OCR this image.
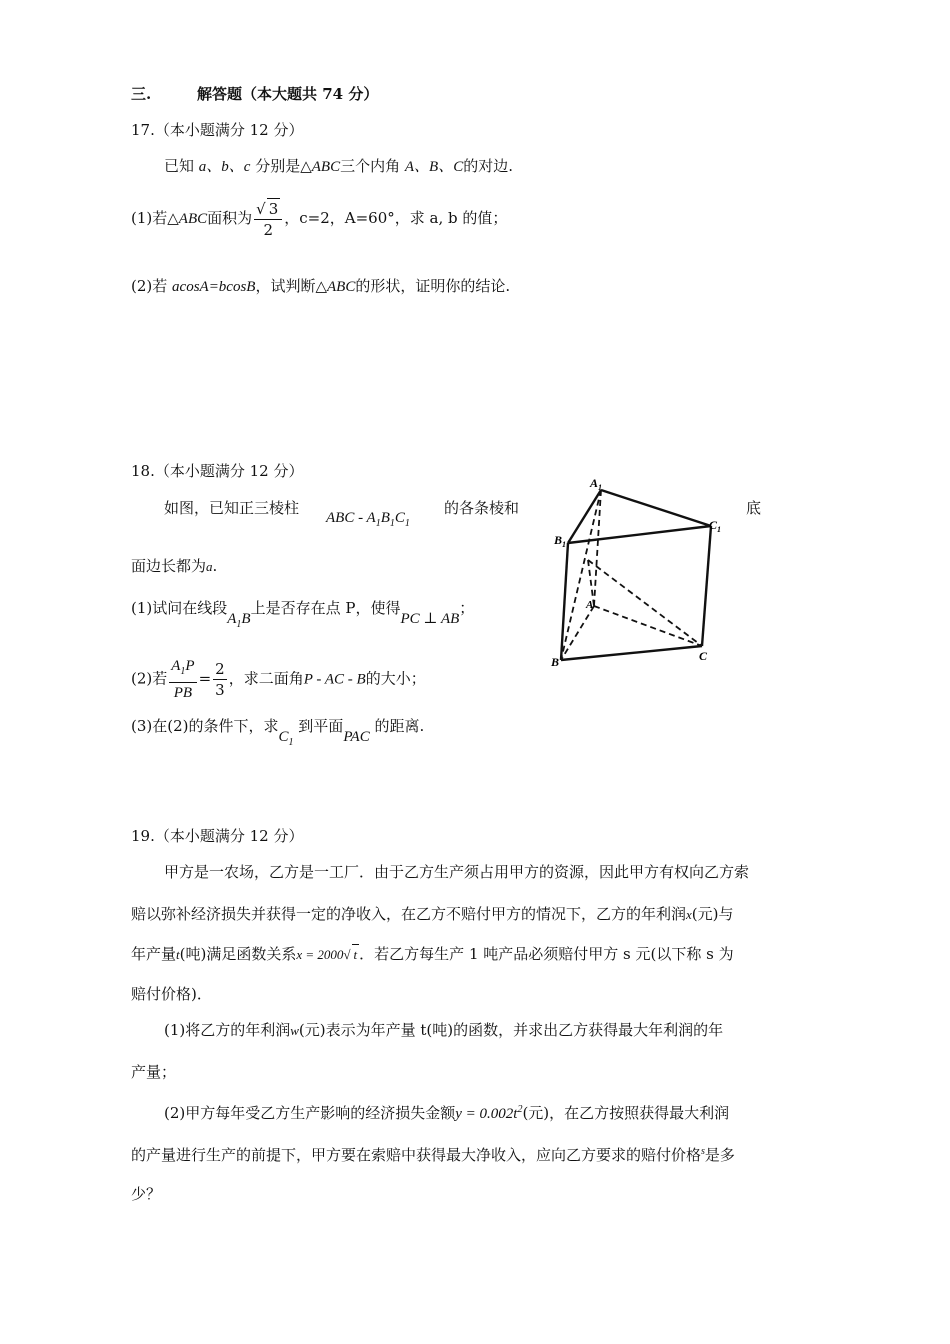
三.	解答题（本大题共 74 分）
17.（本小题满分 12 分）
已知 a、b、c 分别是△ABC三个内角 A、B、C的对边.
(1)若△ABC面积为 $\frac{√ 3}{2}$ ，c=2，A=60°，求 a, b 的值；
(2)若 acosA=bcosB，试判断△ABC的形状，证明你的结论.
18.（本小题满分 12 分）
如图，已知正三棱柱
ABC - $A_1B_1C_1$
的各条棱和	底
面边长都为a.
(1)试问在线段$A_1B$上是否存在点 P，使得PC ⊥ AB；
(2)若 $\frac{A_1P}{PB} = \frac{2}{3}$ ，求二面角P - AC - B的大小；
(3)在(2)的条件下，求$C_1$ 到平面PAC 的距离.
$A_1$
$B_1$
$C_1$
A
B	C
19.（本小题满分 12 分）
甲方是一农场，乙方是一工厂．由于乙方生产须占用甲方的资源，因此甲方有权向乙方索
赔以弥补经济损失并获得一定的净收入，在乙方不赔付甲方的情况下，乙方的年利润x(元)与
年产量t(吨)满足函数关系x = 2000√ t ．若乙方每生产 1 吨产品必须赔付甲方 s 元(以下称 s 为
赔付价格)．
(1)将乙方的年利润w(元)表示为年产量 t(吨)的函数，并求出乙方获得最大年利润的年
产量；
(2)甲方每年受乙方生产影响的经济损失金额$y = 0.002t^2$(元)，在乙方按照获得最大利润
的产量进行生产的前提下，甲方要在索赔中获得最大净收入，应向乙方要求的赔付价格$^s$是多
少？
